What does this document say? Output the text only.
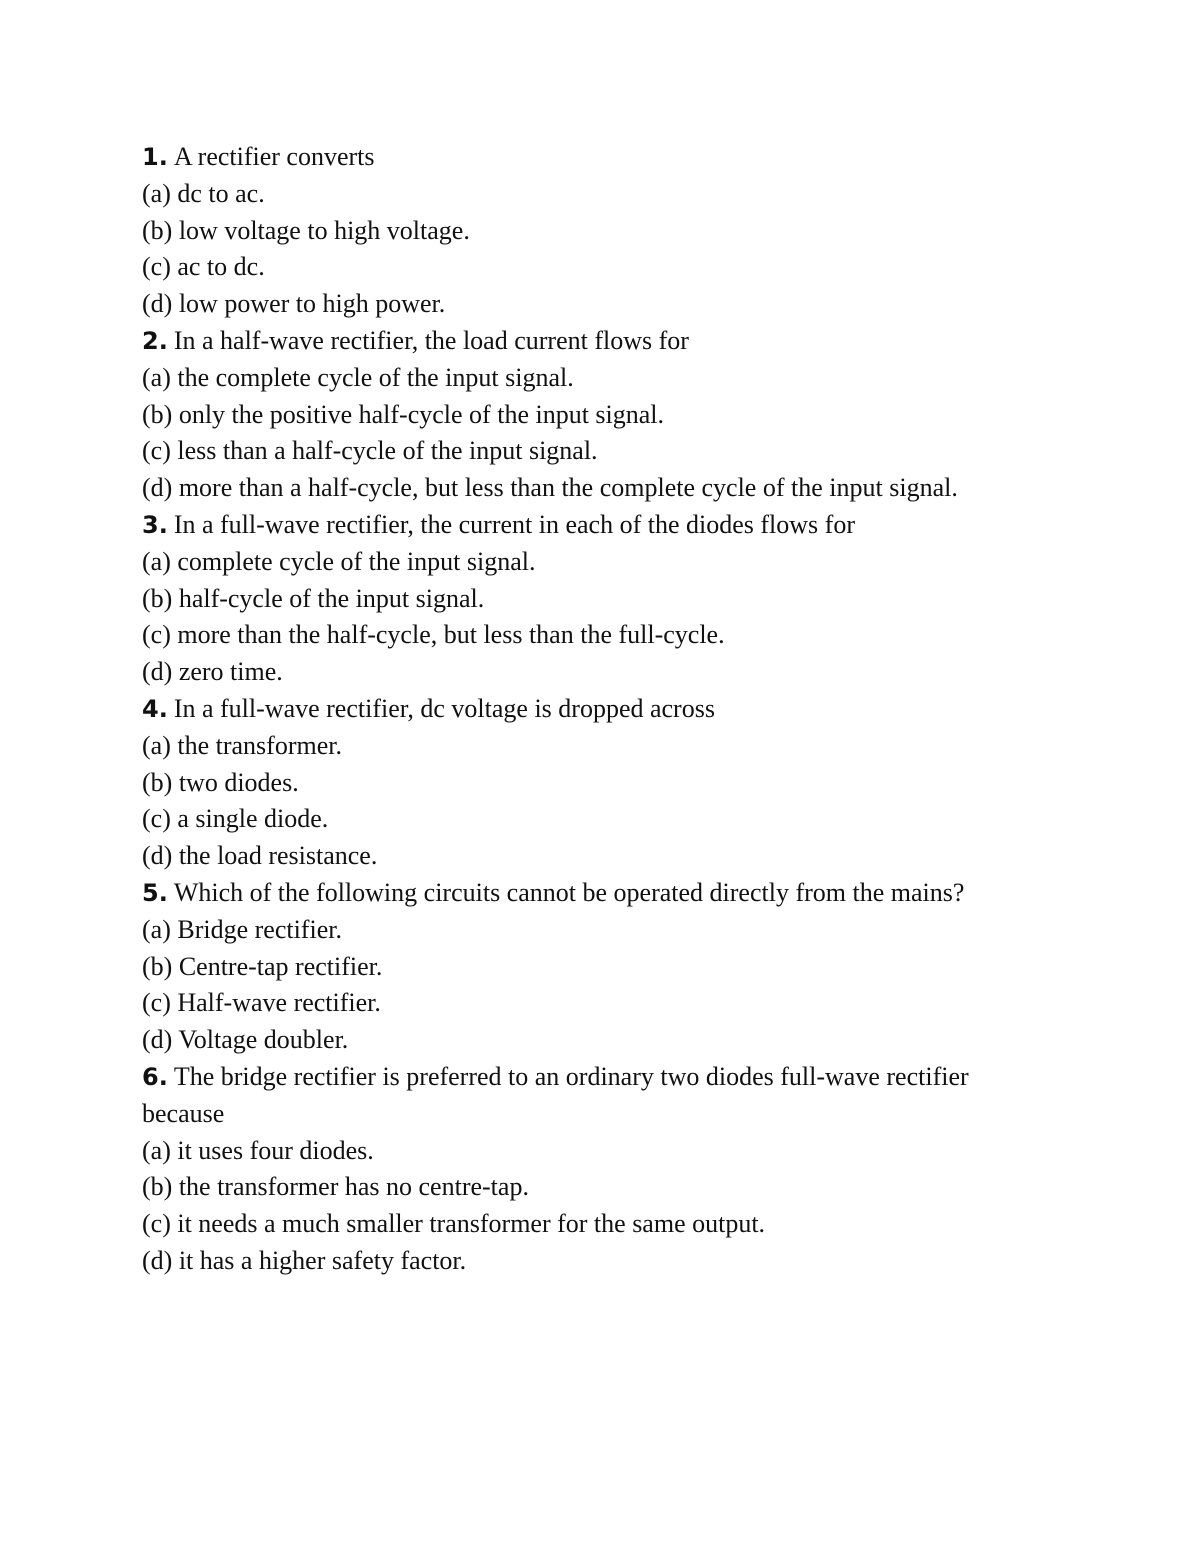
1. A rectifier converts
(a) dc to ac.
(b) low voltage to high voltage.
(c) ac to dc.
(d) low power to high power.
2. In a half-wave rectifier, the load current flows for
(a) the complete cycle of the input signal.
(b) only the positive half-cycle of the input signal.
(c) less than a half-cycle of the input signal.
(d) more than a half-cycle, but less than the complete cycle of the input signal.
3. In a full-wave rectifier, the current in each of the diodes flows for
(a) complete cycle of the input signal.
(b) half-cycle of the input signal.
(c) more than the half-cycle, but less than the full-cycle.
(d) zero time.
4. In a full-wave rectifier, dc voltage is dropped across
(a) the transformer.
(b) two diodes.
(c) a single diode.
(d) the load resistance.
5. Which of the following circuits cannot be operated directly from the mains?
(a) Bridge rectifier.
(b) Centre-tap rectifier.
(c) Half-wave rectifier.
(d) Voltage doubler.
6. The bridge rectifier is preferred to an ordinary two diodes full-wave rectifier
because
(a) it uses four diodes.
(b) the transformer has no centre-tap.
(c) it needs a much smaller transformer for the same output.
(d) it has a higher safety factor.
